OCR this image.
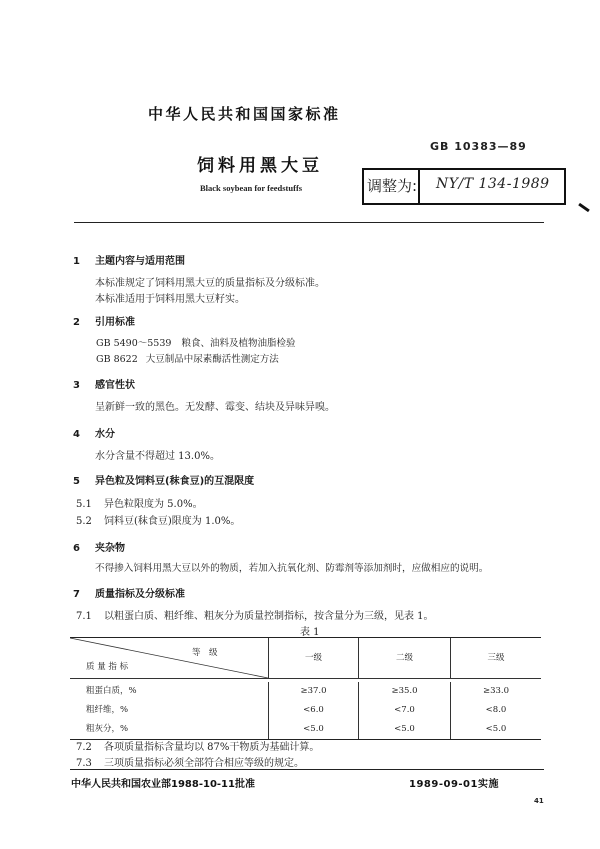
中华人民共和国国家标准
GB 10383—89
饲料用黑大豆
Black soybean for feedstuffs	调整为:	NY/T 134-1989
1 主题内容与适用范围
本标准规定了饲料用黑大豆的质量指标及分级标准。
本标准适用于饲料用黑大豆籽实。
2 引用标准
GB 5490～5539 粮食、油料及植物油脂检验
GB 8622 大豆制品中尿素酶活性测定方法
3 感官性状
呈新鲜一致的黑色。无发酵、霉变、结块及异味异嗅。
4 水分
水分含量不得超过 13.0%。
5 异色粒及饲料豆(秣食豆)的互混限度
5.1 异色粒限度为 5.0%。
5.2 饲料豆(秣食豆)限度为 1.0%。
6 夹杂物
不得掺入饲料用黑大豆以外的物质，若加入抗氧化剂、防霉剂等添加剂时，应做相应的说明。
7 质量指标及分级标准
7.1 以粗蛋白质、粗纤维、粗灰分为质量控制指标，按含量分为三级，见表 1。
表 1
等　级
质 量 指 标
一级	二级	三级
粗蛋白质，%	≥37.0	≥35.0	≥33.0
粗纤维，%	<6.0	<7.0	<8.0
粗灰分，%	<5.0	<5.0	<5.0
7.2 各项质量指标含量均以 87%干物质为基础计算。
7.3 三项质量指标必须全部符合相应等级的规定。
中华人民共和国农业部1988-10-11批准	1989-09-01实施
41
